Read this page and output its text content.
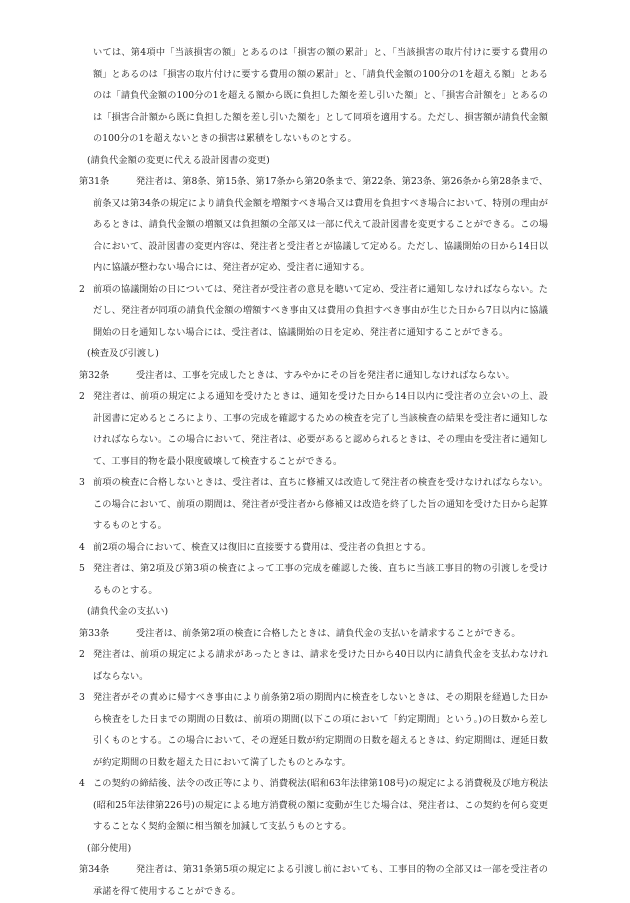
いては、第4項中「当該損害の額」とあるのは「損害の額の累計」と、「当該損害の取片付けに要する費用の額」とあるのは「損害の取片付けに要する費用の額の累計」と、「請負代金額の100分の1を超える額」とあるのは「請負代金額の100分の1を超える額から既に負担した額を差し引いた額」と、「損害合計額を」とあるのは「損害合計額から既に負担した額を差し引いた額を」として同項を適用する。ただし、損害額が請負代金額の100分の1を超えないときの損害は累積をしないものとする。
(請負代金額の変更に代える設計図書の変更)
第31条	発注者は、第8条、第15条、第17条から第20条まで、第22条、第23条、第26条から第28条まで、前条又は第34条の規定により請負代金額を増額すべき場合又は費用を負担すべき場合において、特別の理由があるときは、請負代金額の増額又は負担額の全部又は一部に代えて設計図書を変更することができる。この場合において、設計図書の変更内容は、発注者と受注者とが協議して定める。ただし、協議開始の日から14日以内に協議が整わない場合には、発注者が定め、受注者に通知する。
2 前項の協議開始の日については、発注者が受注者の意見を聴いて定め、受注者に通知しなければならない。ただし、発注者が同項の請負代金額の増額すべき事由又は費用の負担すべき事由が生じた日から7日以内に協議開始の日を通知しない場合には、受注者は、協議開始の日を定め、発注者に通知することができる。
(検査及び引渡し)
第32条	受注者は、工事を完成したときは、すみやかにその旨を発注者に通知しなければならない。
2 発注者は、前項の規定による通知を受けたときは、通知を受けた日から14日以内に受注者の立会いの上、設計図書に定めるところにより、工事の完成を確認するための検査を完了し当該検査の結果を受注者に通知しなければならない。この場合において、発注者は、必要があると認められるときは、その理由を受注者に通知して、工事目的物を最小限度破壊して検査することができる。
3 前項の検査に合格しないときは、受注者は、直ちに修補又は改造して発注者の検査を受けなければならない。この場合において、前項の期間は、発注者が受注者から修補又は改造を終了した旨の通知を受けた日から起算するものとする。
4 前2項の場合において、検査又は復旧に直接要する費用は、受注者の負担とする。
5 発注者は、第2項及び第3項の検査によって工事の完成を確認した後、直ちに当該工事目的物の引渡しを受けるものとする。
(請負代金の支払い)
第33条	受注者は、前条第2項の検査に合格したときは、請負代金の支払いを請求することができる。
2 発注者は、前項の規定による請求があったときは、請求を受けた日から40日以内に請負代金を支払わなければならない。
3 発注者がその責めに帰すべき事由により前条第2項の期間内に検査をしないときは、その期限を経過した日から検査をした日までの期間の日数は、前項の期間(以下この項において「約定期間」という。)の日数から差し引くものとする。この場合において、その遅延日数が約定期間の日数を超えるときは、約定期間は、遅延日数が約定期間の日数を超えた日において満了したものとみなす。
4 この契約の締結後、法令の改正等により、消費税法(昭和63年法律第108号)の規定による消費税及び地方税法(昭和25年法律第226号)の規定による地方消費税の額に変動が生じた場合は、発注者は、この契約を何ら変更することなく契約金額に相当額を加減して支払うものとする。
(部分使用)
第34条	発注者は、第31条第5項の規定による引渡し前においても、工事目的物の全部又は一部を受注者の承諾を得て使用することができる。
